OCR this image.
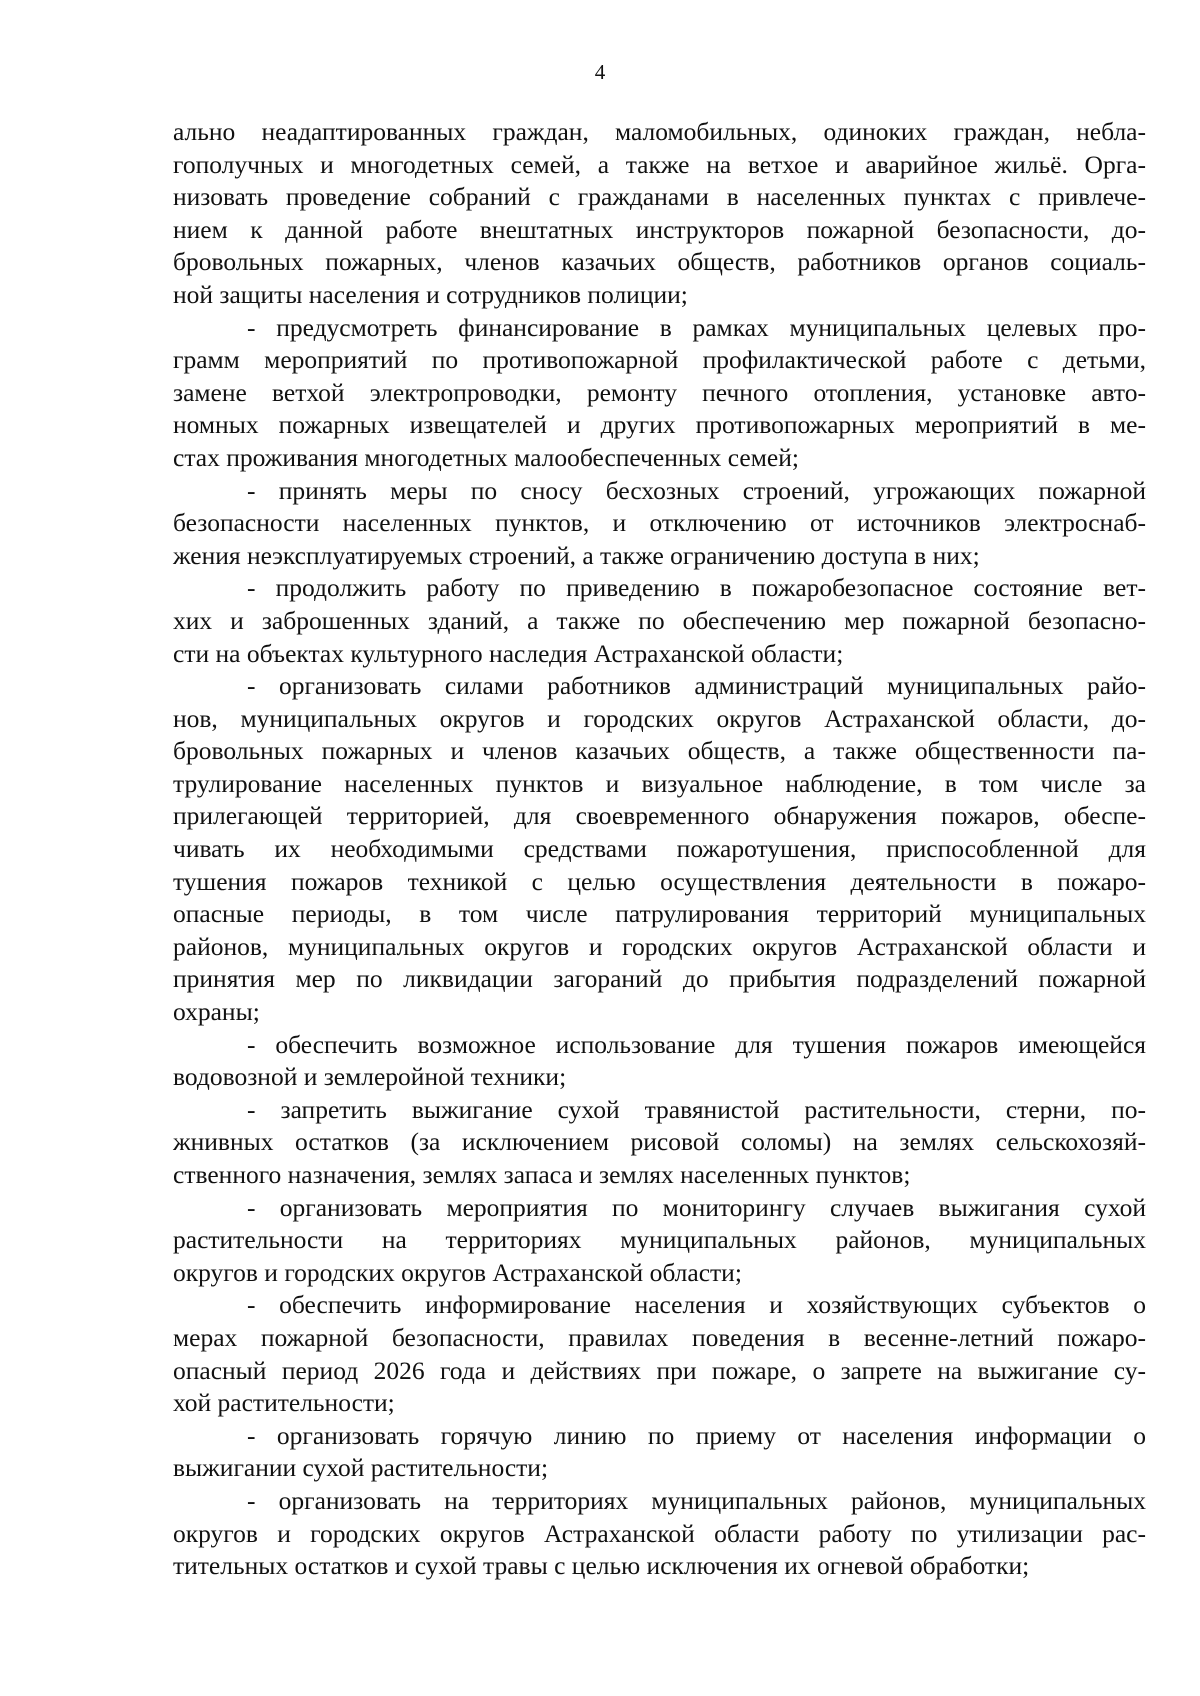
4
ально неадаптированных граждан, маломобильных, одиноких граждан, небла-
гополучных и многодетных семей, а также на ветхое и аварийное жильё. Орга-
низовать проведение собраний с гражданами в населенных пунктах с привлече-
нием к данной работе внештатных инструкторов пожарной безопасности, до-
бровольных пожарных, членов казачьих обществ, работников органов социаль-
ной защиты населения и сотрудников полиции;
- предусмотреть финансирование в рамках муниципальных целевых про-
грамм мероприятий по противопожарной профилактической работе с детьми,
замене ветхой электропроводки, ремонту печного отопления, установке авто-
номных пожарных извещателей и других противопожарных мероприятий в ме-
стах проживания многодетных малообеспеченных семей;
- принять меры по сносу бесхозных строений, угрожающих пожарной
безопасности населенных пунктов, и отключению от источников электроснаб-
жения неэксплуатируемых строений, а также ограничению доступа в них;
- продолжить работу по приведению в пожаробезопасное состояние вет-
хих и заброшенных зданий, а также по обеспечению мер пожарной безопасно-
сти на объектах культурного наследия Астраханской области;
- организовать силами работников администраций муниципальных райо-
нов, муниципальных округов и городских округов Астраханской области, до-
бровольных пожарных и членов казачьих обществ, а также общественности па-
трулирование населенных пунктов и визуальное наблюдение, в том числе за
прилегающей территорией, для своевременного обнаружения пожаров, обеспе-
чивать их необходимыми средствами пожаротушения, приспособленной для
тушения пожаров техникой с целью осуществления деятельности в пожаро-
опасные периоды, в том числе патрулирования территорий муниципальных
районов, муниципальных округов и городских округов Астраханской области и
принятия мер по ликвидации загораний до прибытия подразделений пожарной
охраны;
- обеспечить возможное использование для тушения пожаров имеющейся
водовозной и землеройной техники;
- запретить выжигание сухой травянистой растительности, стерни, по-
жнивных остатков (за исключением рисовой соломы) на землях сельскохозяй-
ственного назначения, землях запаса и землях населенных пунктов;
- организовать мероприятия по мониторингу случаев выжигания сухой
растительности на территориях муниципальных районов, муниципальных
округов и городских округов Астраханской области;
- обеспечить информирование населения и хозяйствующих субъектов о
мерах пожарной безопасности, правилах поведения в весенне-летний пожаро-
опасный период 2026 года и действиях при пожаре, о запрете на выжигание су-
хой растительности;
- организовать горячую линию по приему от населения информации о
выжигании сухой растительности;
- организовать на территориях муниципальных районов, муниципальных
округов и городских округов Астраханской области работу по утилизации рас-
тительных остатков и сухой травы с целью исключения их огневой обработки;
